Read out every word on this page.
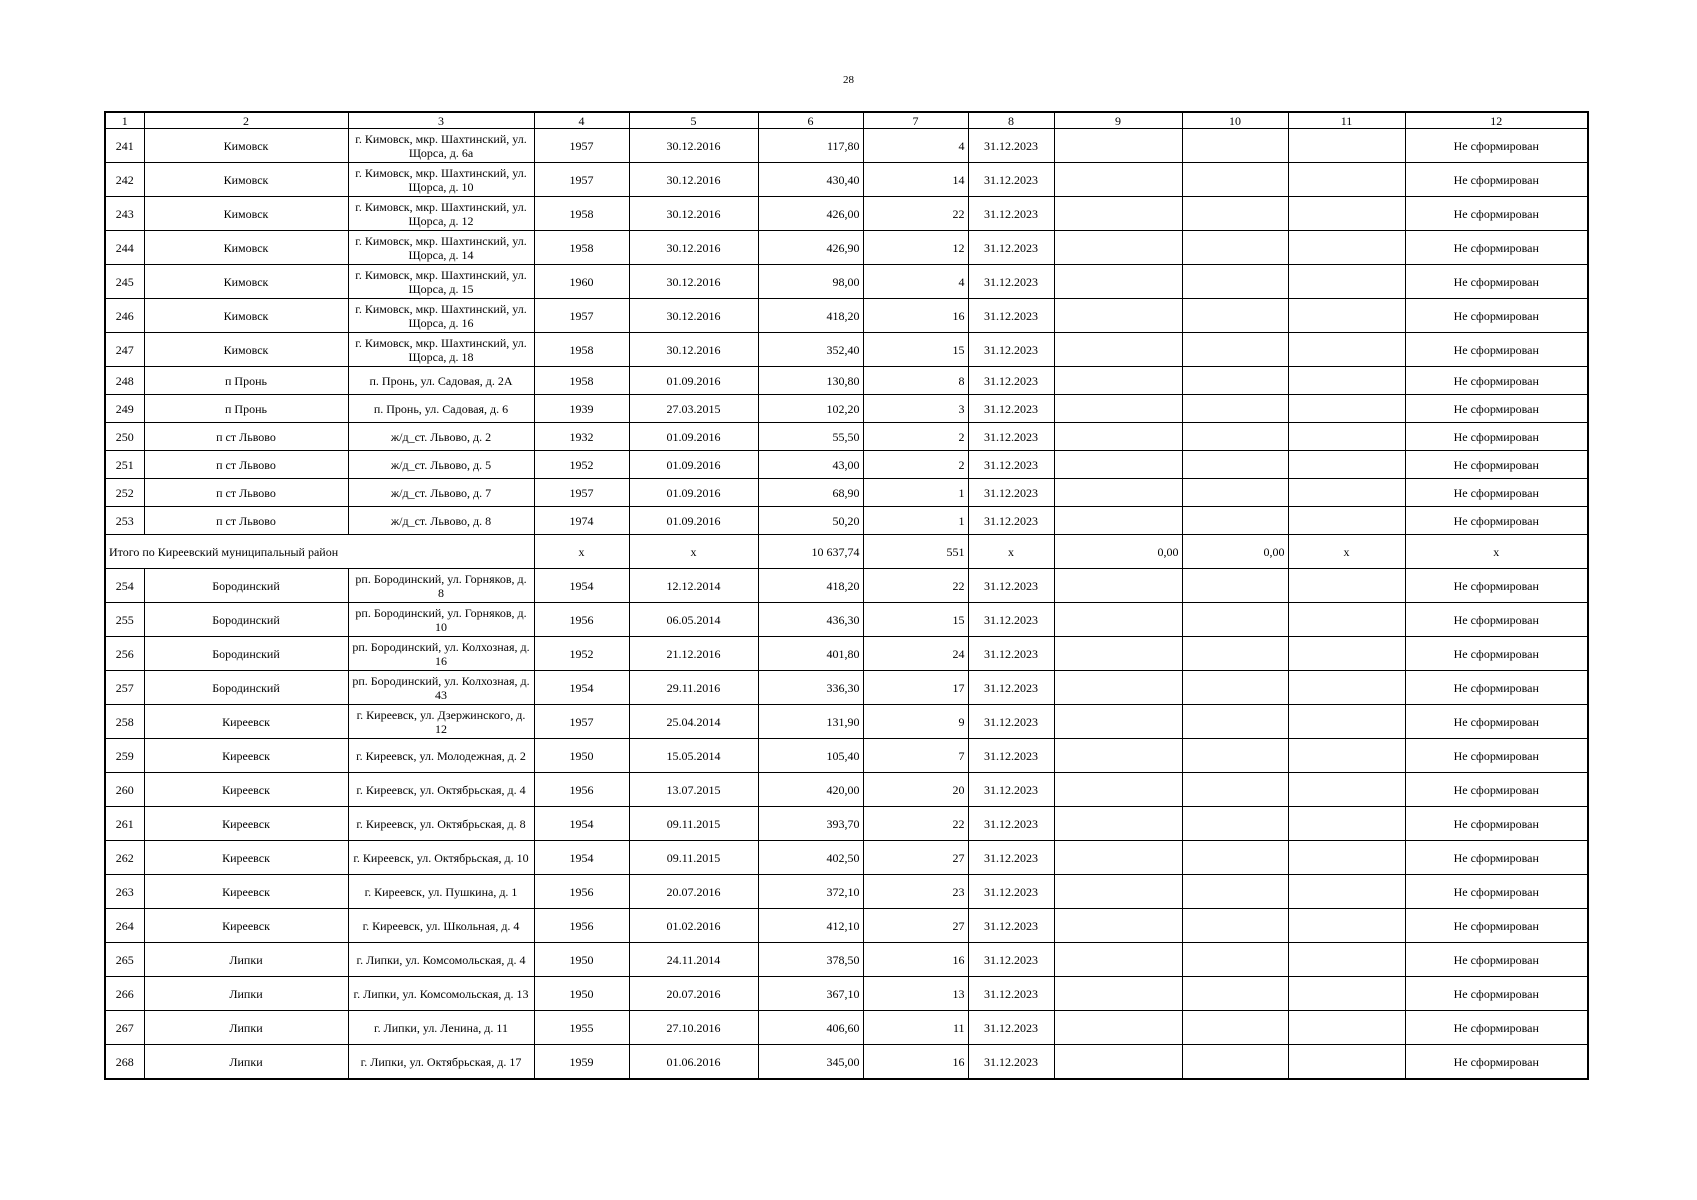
28
1	2	3	4	5	6	7	8	9	10	11	12
241	Кимовск	г. Кимовск, мкр. Шахтинский, ул. Щорса, д. 6а	1957	30.12.2016	117,80	4	31.12.2023				Не сформирован
242	Кимовск	г. Кимовск, мкр. Шахтинский, ул. Щорса, д. 10	1957	30.12.2016	430,40	14	31.12.2023				Не сформирован
243	Кимовск	г. Кимовск, мкр. Шахтинский, ул. Щорса, д. 12	1958	30.12.2016	426,00	22	31.12.2023				Не сформирован
244	Кимовск	г. Кимовск, мкр. Шахтинский, ул. Щорса, д. 14	1958	30.12.2016	426,90	12	31.12.2023				Не сформирован
245	Кимовск	г. Кимовск, мкр. Шахтинский, ул. Щорса, д. 15	1960	30.12.2016	98,00	4	31.12.2023				Не сформирован
246	Кимовск	г. Кимовск, мкр. Шахтинский, ул. Щорса, д. 16	1957	30.12.2016	418,20	16	31.12.2023				Не сформирован
247	Кимовск	г. Кимовск, мкр. Шахтинский, ул. Щорса, д. 18	1958	30.12.2016	352,40	15	31.12.2023				Не сформирован
248	п Пронь	п. Пронь, ул. Садовая, д. 2А	1958	01.09.2016	130,80	8	31.12.2023				Не сформирован
249	п Пронь	п. Пронь, ул. Садовая, д. 6	1939	27.03.2015	102,20	3	31.12.2023				Не сформирован
250	п ст Львово	ж/д_ст. Львово, д. 2	1932	01.09.2016	55,50	2	31.12.2023				Не сформирован
251	п ст Львово	ж/д_ст. Львово, д. 5	1952	01.09.2016	43,00	2	31.12.2023				Не сформирован
252	п ст Львово	ж/д_ст. Львово, д. 7	1957	01.09.2016	68,90	1	31.12.2023				Не сформирован
253	п ст Львово	ж/д_ст. Львово, д. 8	1974	01.09.2016	50,20	1	31.12.2023				Не сформирован
Итого по Киреевский муниципальный район			х	х	10 637,74	551	х	0,00	0,00	х	х
254	Бородинский	рп. Бородинский, ул. Горняков, д. 8	1954	12.12.2014	418,20	22	31.12.2023				Не сформирован
255	Бородинский	рп. Бородинский, ул. Горняков, д. 10	1956	06.05.2014	436,30	15	31.12.2023				Не сформирован
256	Бородинский	рп. Бородинский, ул. Колхозная, д. 16	1952	21.12.2016	401,80	24	31.12.2023				Не сформирован
257	Бородинский	рп. Бородинский, ул. Колхозная, д. 43	1954	29.11.2016	336,30	17	31.12.2023				Не сформирован
258	Киреевск	г. Киреевск, ул. Дзержинского, д. 12	1957	25.04.2014	131,90	9	31.12.2023				Не сформирован
259	Киреевск	г. Киреевск, ул. Молодежная, д. 2	1950	15.05.2014	105,40	7	31.12.2023				Не сформирован
260	Киреевск	г. Киреевск, ул. Октябрьская, д. 4	1956	13.07.2015	420,00	20	31.12.2023				Не сформирован
261	Киреевск	г. Киреевск, ул. Октябрьская, д. 8	1954	09.11.2015	393,70	22	31.12.2023				Не сформирован
262	Киреевск	г. Киреевск, ул. Октябрьская, д. 10	1954	09.11.2015	402,50	27	31.12.2023				Не сформирован
263	Киреевск	г. Киреевск, ул. Пушкина, д. 1	1956	20.07.2016	372,10	23	31.12.2023				Не сформирован
264	Киреевск	г. Киреевск, ул. Школьная, д. 4	1956	01.02.2016	412,10	27	31.12.2023				Не сформирован
265	Липки	г. Липки, ул. Комсомольская, д. 4	1950	24.11.2014	378,50	16	31.12.2023				Не сформирован
266	Липки	г. Липки, ул. Комсомольская, д. 13	1950	20.07.2016	367,10	13	31.12.2023				Не сформирован
267	Липки	г. Липки, ул. Ленина, д. 11	1955	27.10.2016	406,60	11	31.12.2023				Не сформирован
268	Липки	г. Липки, ул. Октябрьская, д. 17	1959	01.06.2016	345,00	16	31.12.2023				Не сформирован
